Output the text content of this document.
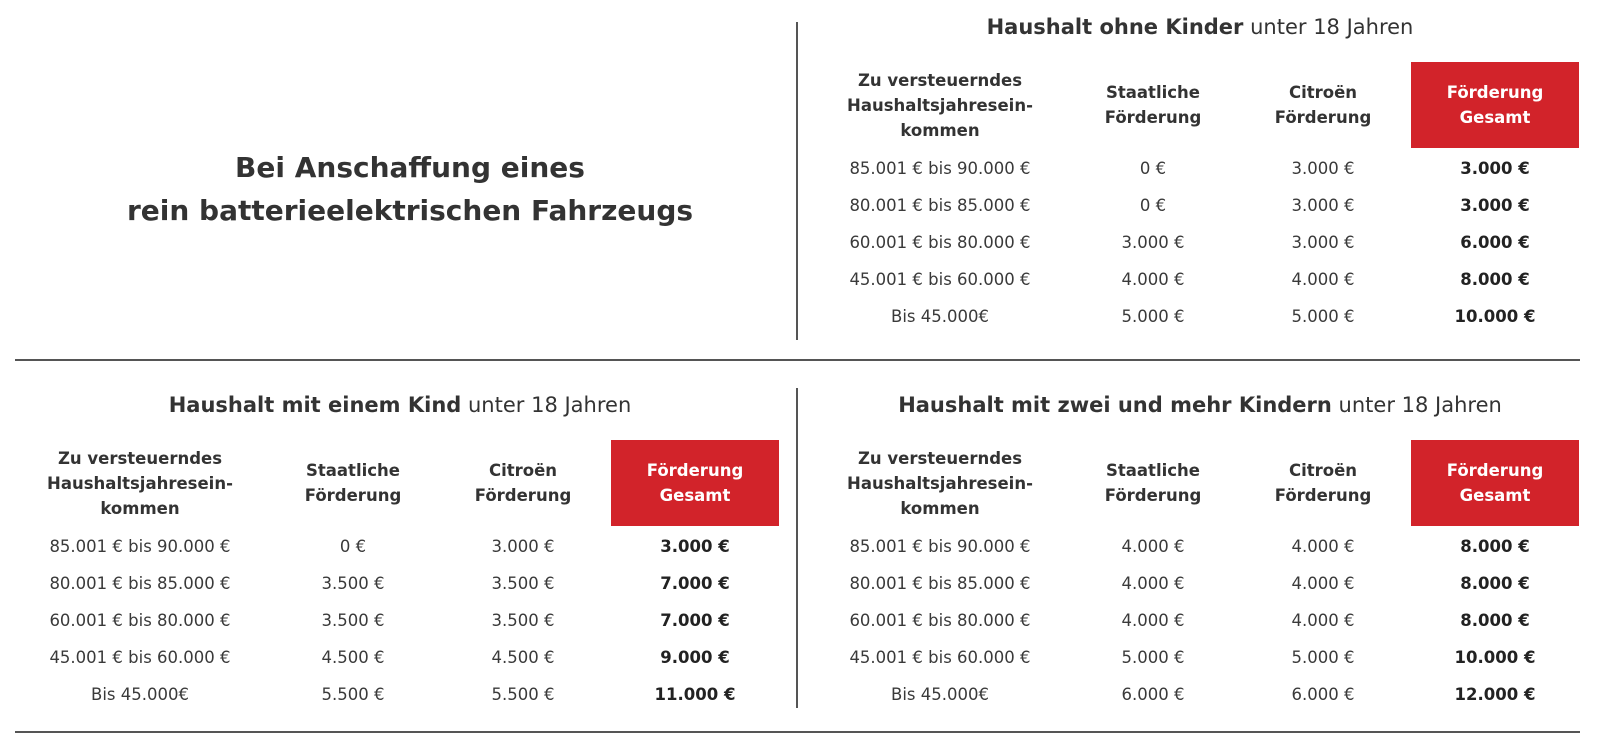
Bei Anschaffung eines
rein batterieelektrischen Fahrzeugs
Haushalt ohne Kinder unter 18 Jahren
Zu versteuerndes
Haushaltsjahresein-
kommen
Staatliche
Förderung
Citroën
Förderung
Förderung
Gesamt
85.001 € bis 90.000 €	0 €	3.000 €	3.000 €
80.001 € bis 85.000 €	0 €	3.000 €	3.000 €
60.001 € bis 80.000 €	3.000 €	3.000 €	6.000 €
45.001 € bis 60.000 €	4.000 €	4.000 €	8.000 €
Bis 45.000€	5.000 €	5.000 €	10.000 €
Haushalt mit einem Kind unter 18 Jahren
Zu versteuerndes
Haushaltsjahresein-
kommen
Staatliche
Förderung
Citroën
Förderung
Förderung
Gesamt
85.001 € bis 90.000 €	0 €	3.000 €	3.000 €
80.001 € bis 85.000 €	3.500 €	3.500 €	7.000 €
60.001 € bis 80.000 €	3.500 €	3.500 €	7.000 €
45.001 € bis 60.000 €	4.500 €	4.500 €	9.000 €
Bis 45.000€	5.500 €	5.500 €	11.000 €
Haushalt mit zwei und mehr Kindern unter 18 Jahren
Zu versteuerndes
Haushaltsjahresein-
kommen
Staatliche
Förderung
Citroën
Förderung
Förderung
Gesamt
85.001 € bis 90.000 €	4.000 €	4.000 €	8.000 €
80.001 € bis 85.000 €	4.000 €	4.000 €	8.000 €
60.001 € bis 80.000 €	4.000 €	4.000 €	8.000 €
45.001 € bis 60.000 €	5.000 €	5.000 €	10.000 €
Bis 45.000€	6.000 €	6.000 €	12.000 €
